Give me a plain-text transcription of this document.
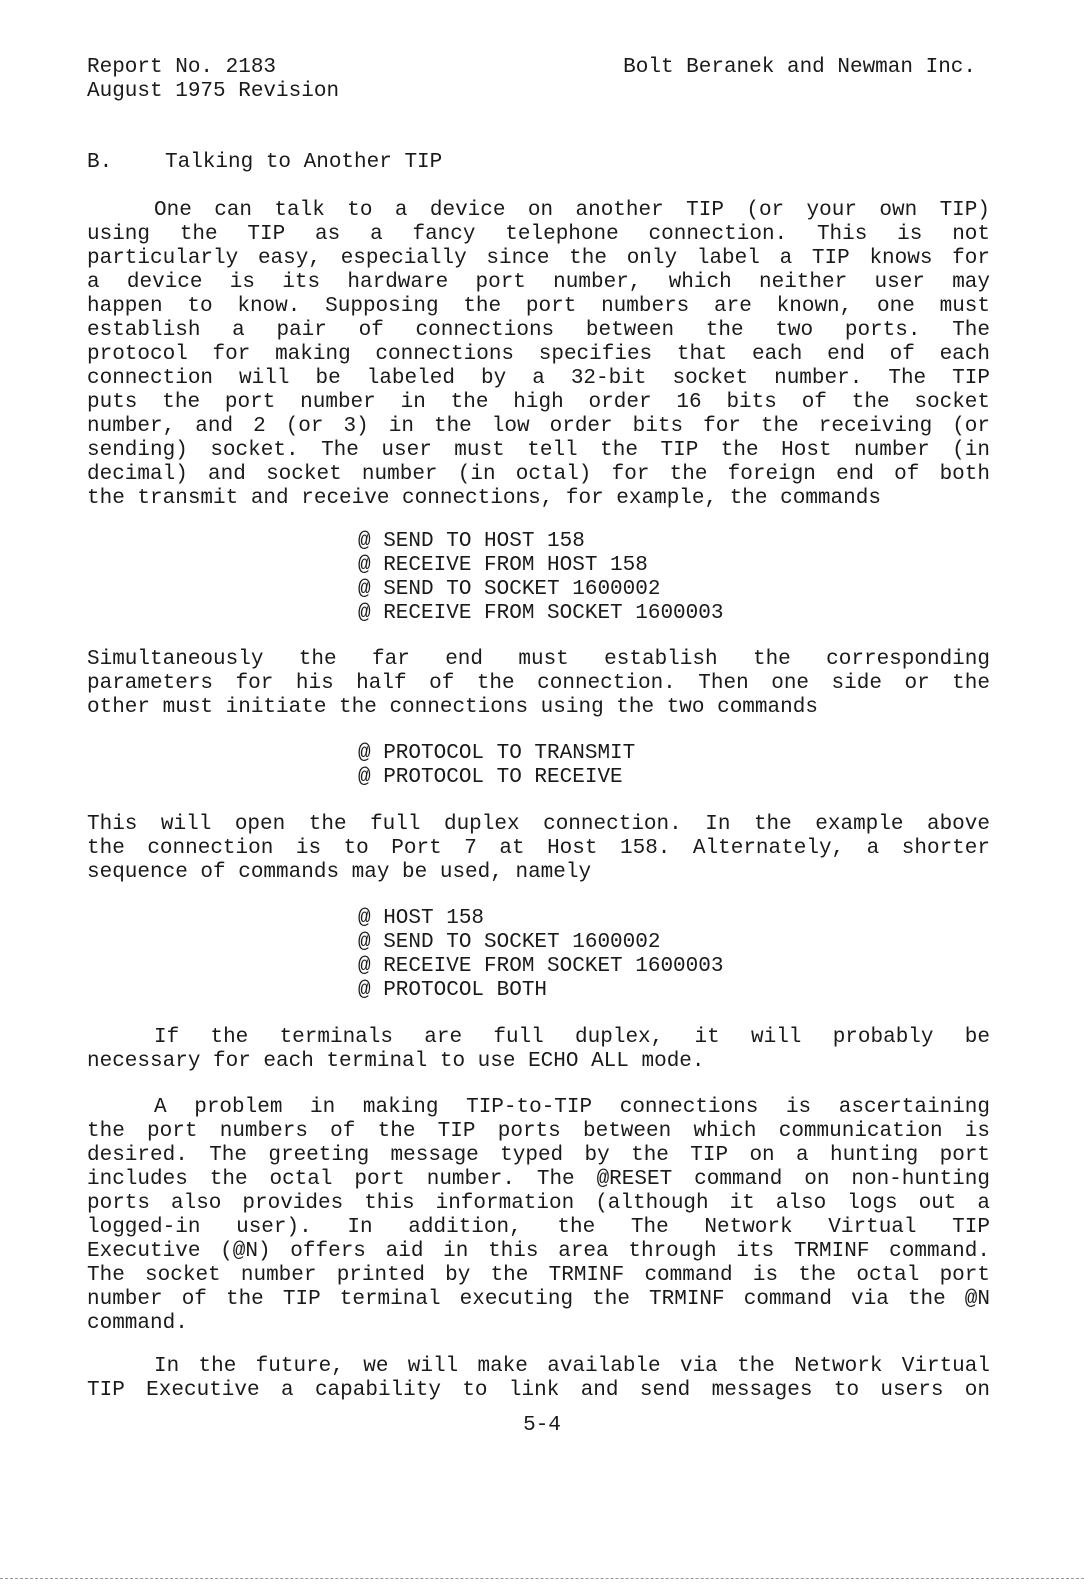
Report No. 2183
August 1975 Revision
Bolt Beranek and Newman Inc.
B.	Talking to Another TIP
One can talk to a device on another TIP (or your own TIP)
using the TIP as a fancy telephone connection. This is not
particularly easy, especially since the only label a TIP knows for
a device is its hardware port number, which neither user may
happen to know. Supposing the port numbers are known, one must
establish a pair of connections between the two ports. The
protocol for making connections specifies that each end of each
connection will be labeled by a 32-bit socket number. The TIP
puts the port number in the high order 16 bits of the socket
number, and 2 (or 3) in the low order bits for the receiving (or
sending) socket. The user must tell the TIP the Host number (in
decimal) and socket number (in octal) for the foreign end of both
the transmit and receive connections, for example, the commands
@ SEND TO HOST 158
@ RECEIVE FROM HOST 158
@ SEND TO SOCKET 1600002
@ RECEIVE FROM SOCKET 1600003
Simultaneously the far end must establish the corresponding
parameters for his half of the connection. Then one side or the
other must initiate the connections using the two commands
@ PROTOCOL TO TRANSMIT
@ PROTOCOL TO RECEIVE
This will open the full duplex connection. In the example above
the connection is to Port 7 at Host 158. Alternately, a shorter
sequence of commands may be used, namely
@ HOST 158
@ SEND TO SOCKET 1600002
@ RECEIVE FROM SOCKET 1600003
@ PROTOCOL BOTH
If the terminals are full duplex, it will probably be
necessary for each terminal to use ECHO ALL mode.
A problem in making TIP-to-TIP connections is ascertaining
the port numbers of the TIP ports between which communication is
desired. The greeting message typed by the TIP on a hunting port
includes the octal port number. The @RESET command on non-hunting
ports also provides this information (although it also logs out a
logged-in user). In addition, the The Network Virtual TIP
Executive (@N) offers aid in this area through its TRMINF command.
The socket number printed by the TRMINF command is the octal port
number of the TIP terminal executing the TRMINF command via the @N
command.
In the future, we will make available via the Network Virtual
TIP Executive a capability to link and send messages to users on
5-4
